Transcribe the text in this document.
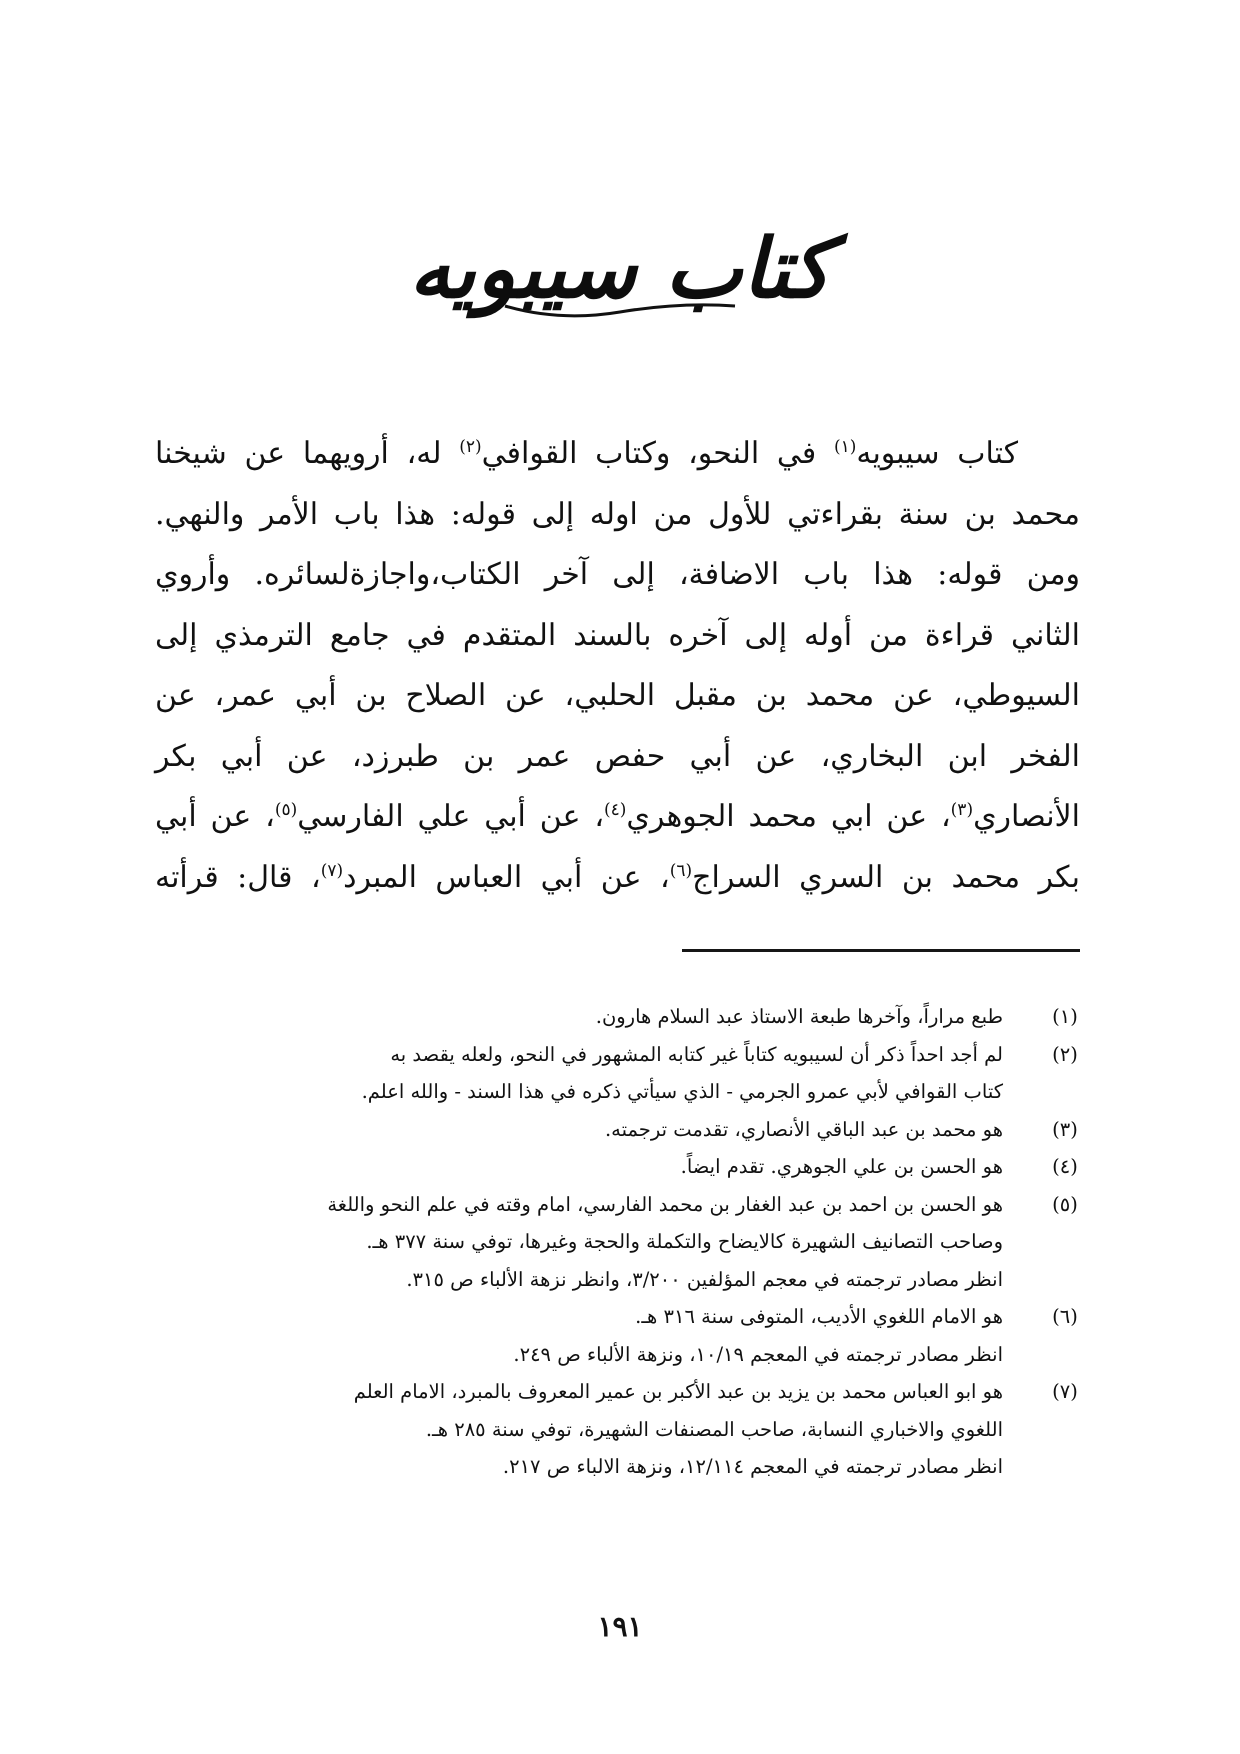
كتاب سيبويه
كتاب سيبويه$^{(١)}$ في النحو، وكتاب القوافي$^{(٢)}$ له، أرويهما عن شيخنا
محمد بن سنة بقراءتي للأول من اوله إلى قوله: هذا باب الأمر والنهي.
ومن قوله: هذا باب الاضافة، إلى آخر الكتاب،واجازةلسائره. وأروي
الثاني قراءة من أوله إلى آخره بالسند المتقدم في جامع الترمذي إلى
السيوطي، عن محمد بن مقبل الحلبي، عن الصلاح بن أبي عمر، عن
الفخر ابن البخاري، عن أبي حفص عمر بن طبرزد، عن أبي بكر
الأنصاري$^{(٣)}$، عن ابي محمد الجوهري$^{(٤)}$، عن أبي علي الفارسي$^{(٥)}$، عن أبي
بكر محمد بن السري السراج$^{(٦)}$، عن أبي العباس المبرد$^{(٧)}$، قال: قرأته
(١)
طبع مراراً، وآخرها طبعة الاستاذ عبد السلام هارون.
(٢)
لم أجد احداً ذكر أن لسيبويه كتاباً غير كتابه المشهور في النحو، ولعله يقصد به
كتاب القوافي لأبي عمرو الجرمي - الذي سيأتي ذكره في هذا السند - والله اعلم.
(٣)
هو محمد بن عبد الباقي الأنصاري، تقدمت ترجمته.
(٤)
هو الحسن بن علي الجوهري. تقدم ايضاً.
(٥)
هو الحسن بن احمد بن عبد الغفار بن محمد الفارسي، امام وقته في علم النحو واللغة
وصاحب التصانيف الشهيرة كالايضاح والتكملة والحجة وغيرها، توفي سنة ٣٧٧ هـ.
انظر مصادر ترجمته في معجم المؤلفين ٣/٢٠٠، وانظر نزهة الألباء ص ٣١٥.
(٦)
هو الامام اللغوي الأديب، المتوفى سنة ٣١٦ هـ.
انظر مصادر ترجمته في المعجم ١٠/١٩، ونزهة الألباء ص ٢٤٩.
(٧)
هو ابو العباس محمد بن يزيد بن عبد الأكبر بن عمير المعروف بالمبرد، الامام العلم
اللغوي والاخباري النسابة، صاحب المصنفات الشهيرة، توفي سنة ٢٨٥ هـ.
انظر مصادر ترجمته في المعجم ١٢/١١٤، ونزهة الالباء ص ٢١٧.
١٩١
